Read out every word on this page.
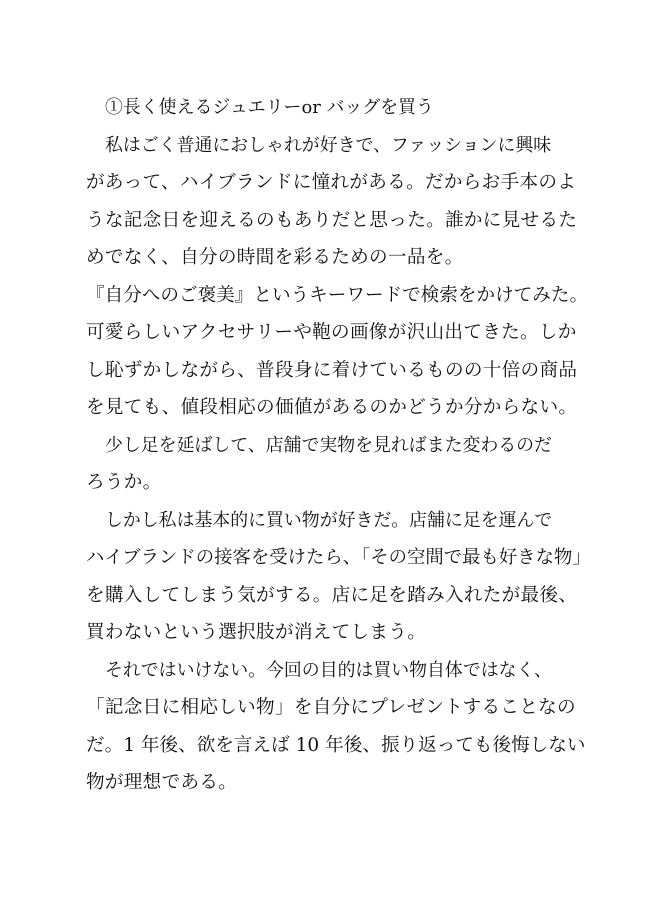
①長く使えるジュエリーor バッグを買う
私はごく普通におしゃれが好きで、ファッションに興味
があって、ハイブランドに憧れがある。だからお手本のよ
うな記念日を迎えるのもありだと思った。誰かに見せるた
めでなく、自分の時間を彩るための一品を。
『自分へのご褒美』というキーワードで検索をかけてみた。
可愛らしいアクセサリーや鞄の画像が沢山出てきた。しか
し恥ずかしながら、普段身に着けているものの十倍の商品
を見ても、値段相応の価値があるのかどうか分からない。
少し足を延ばして、店舗で実物を見ればまた変わるのだ
ろうか。
しかし私は基本的に買い物が好きだ。店舗に足を運んで
ハイブランドの接客を受けたら、「その空間で最も好きな物」
を購入してしまう気がする。店に足を踏み入れたが最後、
買わないという選択肢が消えてしまう。
それではいけない。今回の目的は買い物自体ではなく、
「記念日に相応しい物」を自分にプレゼントすることなの
だ。1 年後、欲を言えば 10 年後、振り返っても後悔しない
物が理想である。
